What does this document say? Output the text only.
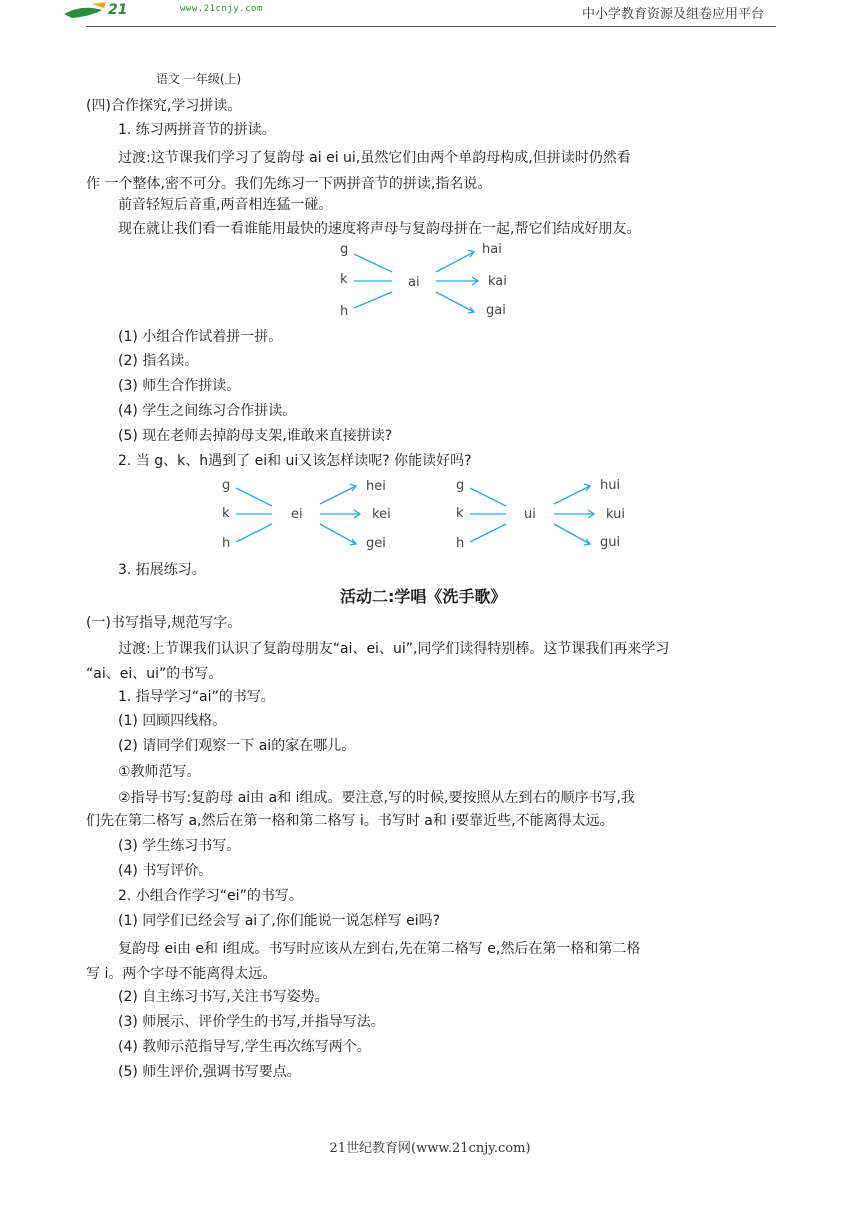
21	www.21cnjy.com	中小学教育资源及组卷应用平台
语文 一年级(上)
(四)合作探究,学习拼读。
1. 练习两拼音节的拼读。
过渡:这节课我们学习了复韵母 ai ei ui,虽然它们由两个单韵母构成,但拼读时仍然看
作 一个整体,密不可分。我们先练习一下两拼音节的拼读,指名说。
前音轻短后音重,两音相连猛一碰。
现在就让我们看一看谁能用最快的速度将声母与复韵母拼在一起,帮它们结成好朋友。
g
k
h
ai
hai
kai
gai
(1) 小组合作试着拼一拼。
(2) 指名读。
(3) 师生合作拼读。
(4) 学生之间练习合作拼读。
(5) 现在老师去掉韵母支架,谁敢来直接拼读?
2. 当 g、k、h遇到了 ei和 ui又该怎样读呢? 你能读好吗?
g
k
h
ei
hei
kei
gei
g
k
h
ui
hui
kui
gui
3. 拓展练习。
活动二:学唱《洗手歌》
(一)书写指导,规范写字。
过渡:上节课我们认识了复韵母朋友“ai、ei、ui”,同学们读得特别棒。这节课我们再来学习
“ai、ei、ui”的书写。
1. 指导学习“ai”的书写。
(1) 回顾四线格。
(2) 请同学们观察一下 ai的家在哪儿。
①教师范写。
②指导书写:复韵母 ai由 a和 i组成。要注意,写的时候,要按照从左到右的顺序书写,我
们先在第二格写 a,然后在第一格和第二格写 i。书写时 a和 i要靠近些,不能离得太远。
(3) 学生练习书写。
(4) 书写评价。
2. 小组合作学习“ei”的书写。
(1) 同学们已经会写 ai了,你们能说一说怎样写 ei吗?
复韵母 ei由 e和 i组成。书写时应该从左到右,先在第二格写 e,然后在第一格和第二格
写 i。两个字母不能离得太远。
(2) 自主练习书写,关注书写姿势。
(3) 师展示、评价学生的书写,并指导写法。
(4) 教师示范指导写,学生再次练写两个。
(5) 师生评价,强调书写要点。
21世纪教育网(www.21cnjy.com)
